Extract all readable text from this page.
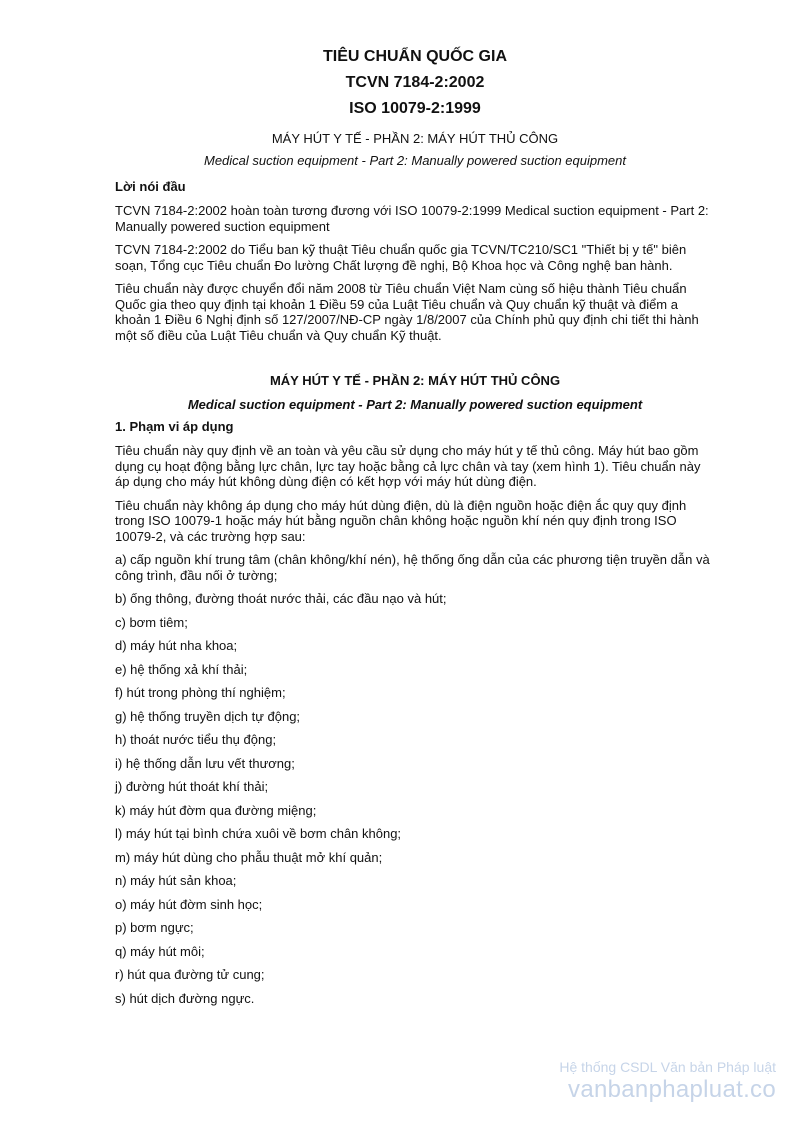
TIÊU CHUẨN QUỐC GIA
TCVN 7184-2:2002
ISO 10079-2:1999
MÁY HÚT Y TẾ - PHẦN 2: MÁY HÚT THỦ CÔNG
Medical suction equipment - Part 2: Manually powered suction equipment
Lời nói đầu

TCVN 7184-2:2002 hoàn toàn tương đương với ISO 10079-2:1999 Medical suction equipment - Part 2: Manually powered suction equipment

TCVN 7184-2:2002 do Tiểu ban kỹ thuật Tiêu chuẩn quốc gia TCVN/TC210/SC1 "Thiết bị y tế" biên soạn, Tổng cục Tiêu chuẩn Đo lường Chất lượng đề nghị, Bộ Khoa học và Công nghệ ban hành.

Tiêu chuẩn này được chuyển đổi năm 2008 từ Tiêu chuẩn Việt Nam cùng số hiệu thành Tiêu chuẩn Quốc gia theo quy định tại khoản 1 Điều 59 của Luật Tiêu chuẩn và Quy chuẩn kỹ thuật và điểm a khoản 1 Điều 6 Nghị định số 127/2007/NĐ-CP ngày 1/8/2007 của Chính phủ quy định chi tiết thi hành một số điều của Luật Tiêu chuẩn và Quy chuẩn Kỹ thuật.

MÁY HÚT Y TẾ - PHẦN 2: MÁY HÚT THỦ CÔNG
Medical suction equipment - Part 2: Manually powered suction equipment
1. Phạm vi áp dụng

Tiêu chuẩn này quy định về an toàn và yêu cầu sử dụng cho máy hút y tế thủ công. Máy hút bao gồm dụng cụ hoạt động bằng lực chân, lực tay hoặc bằng cả lực chân và tay (xem hình 1). Tiêu chuẩn này áp dụng cho máy hút không dùng điện có kết hợp với máy hút dùng điện.

Tiêu chuẩn này không áp dụng cho máy hút dùng điện, dù là điện nguồn hoặc điện ắc quy quy định trong ISO 10079-1 hoặc máy hút bằng nguồn chân không hoặc nguồn khí nén quy định trong ISO 10079-2, và các trường hợp sau:

a) cấp nguồn khí trung tâm (chân không/khí nén), hệ thống ống dẫn của các phương tiện truyền dẫn và công trình, đầu nối ở tường;
b) ống thông, đường thoát nước thải, các đầu nạo và hút;
c) bơm tiêm;
d) máy hút nha khoa;
e) hệ thống xả khí thải;
f) hút trong phòng thí nghiệm;
g) hệ thống truyền dịch tự động;
h) thoát nước tiểu thụ động;
i) hệ thống dẫn lưu vết thương;
j) đường hút thoát khí thải;
k) máy hút đờm qua đường miệng;
l) máy hút tại bình chứa xuôi về bơm chân không;
m) máy hút dùng cho phẫu thuật mở khí quản;
n) máy hút sản khoa;
o) máy hút đờm sinh học;
p) bơm ngực;
q) máy hút môi;
r) hút qua đường tử cung;
s) hút dịch đường ngực.
Hệ thống CSDL Văn bản Pháp luật
vanbanphapluat.co
